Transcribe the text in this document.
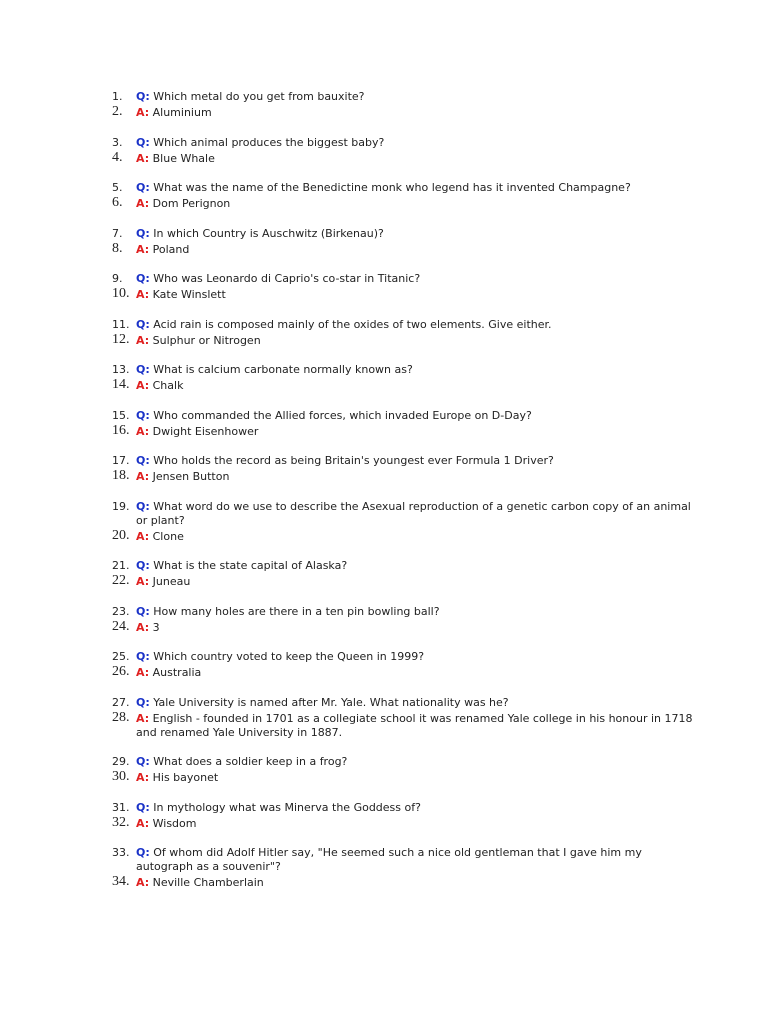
1.	Q: Which metal do you get from bauxite?
2.	A: Aluminium
3.	Q: Which animal produces the biggest baby?
4.	A: Blue Whale
5.	Q: What was the name of the Benedictine monk who legend has it invented Champagne?
6.	A: Dom Perignon
7.	Q: In which Country is Auschwitz (Birkenau)?
8.	A: Poland
9.	Q: Who was Leonardo di Caprio's co-star in Titanic?
10. A: Kate Winslett
11. Q: Acid rain is composed mainly of the oxides of two elements. Give either.
12. A: Sulphur or Nitrogen
13. Q: What is calcium carbonate normally known as?
14. A: Chalk
15. Q: Who commanded the Allied forces, which invaded Europe on D-Day?
16. A: Dwight Eisenhower
17. Q: Who holds the record as being Britain's youngest ever Formula 1 Driver?
18. A: Jensen Button
19. Q: What word do we use to describe the Asexual reproduction of a genetic carbon copy of an animal or plant?
20. A: Clone
21. Q: What is the state capital of Alaska?
22. A: Juneau
23. Q: How many holes are there in a ten pin bowling ball?
24. A: 3
25. Q: Which country voted to keep the Queen in 1999?
26. A: Australia
27. Q: Yale University is named after Mr. Yale. What nationality was he?
28. A: English - founded in 1701 as a collegiate school it was renamed Yale college in his honour in 1718 and renamed Yale University in 1887.
29. Q: What does a soldier keep in a frog?
30. A: His bayonet
31. Q: In mythology what was Minerva the Goddess of?
32. A: Wisdom
33. Q: Of whom did Adolf Hitler say, "He seemed such a nice old gentleman that I gave him my autograph as a souvenir"?
34. A: Neville Chamberlain
